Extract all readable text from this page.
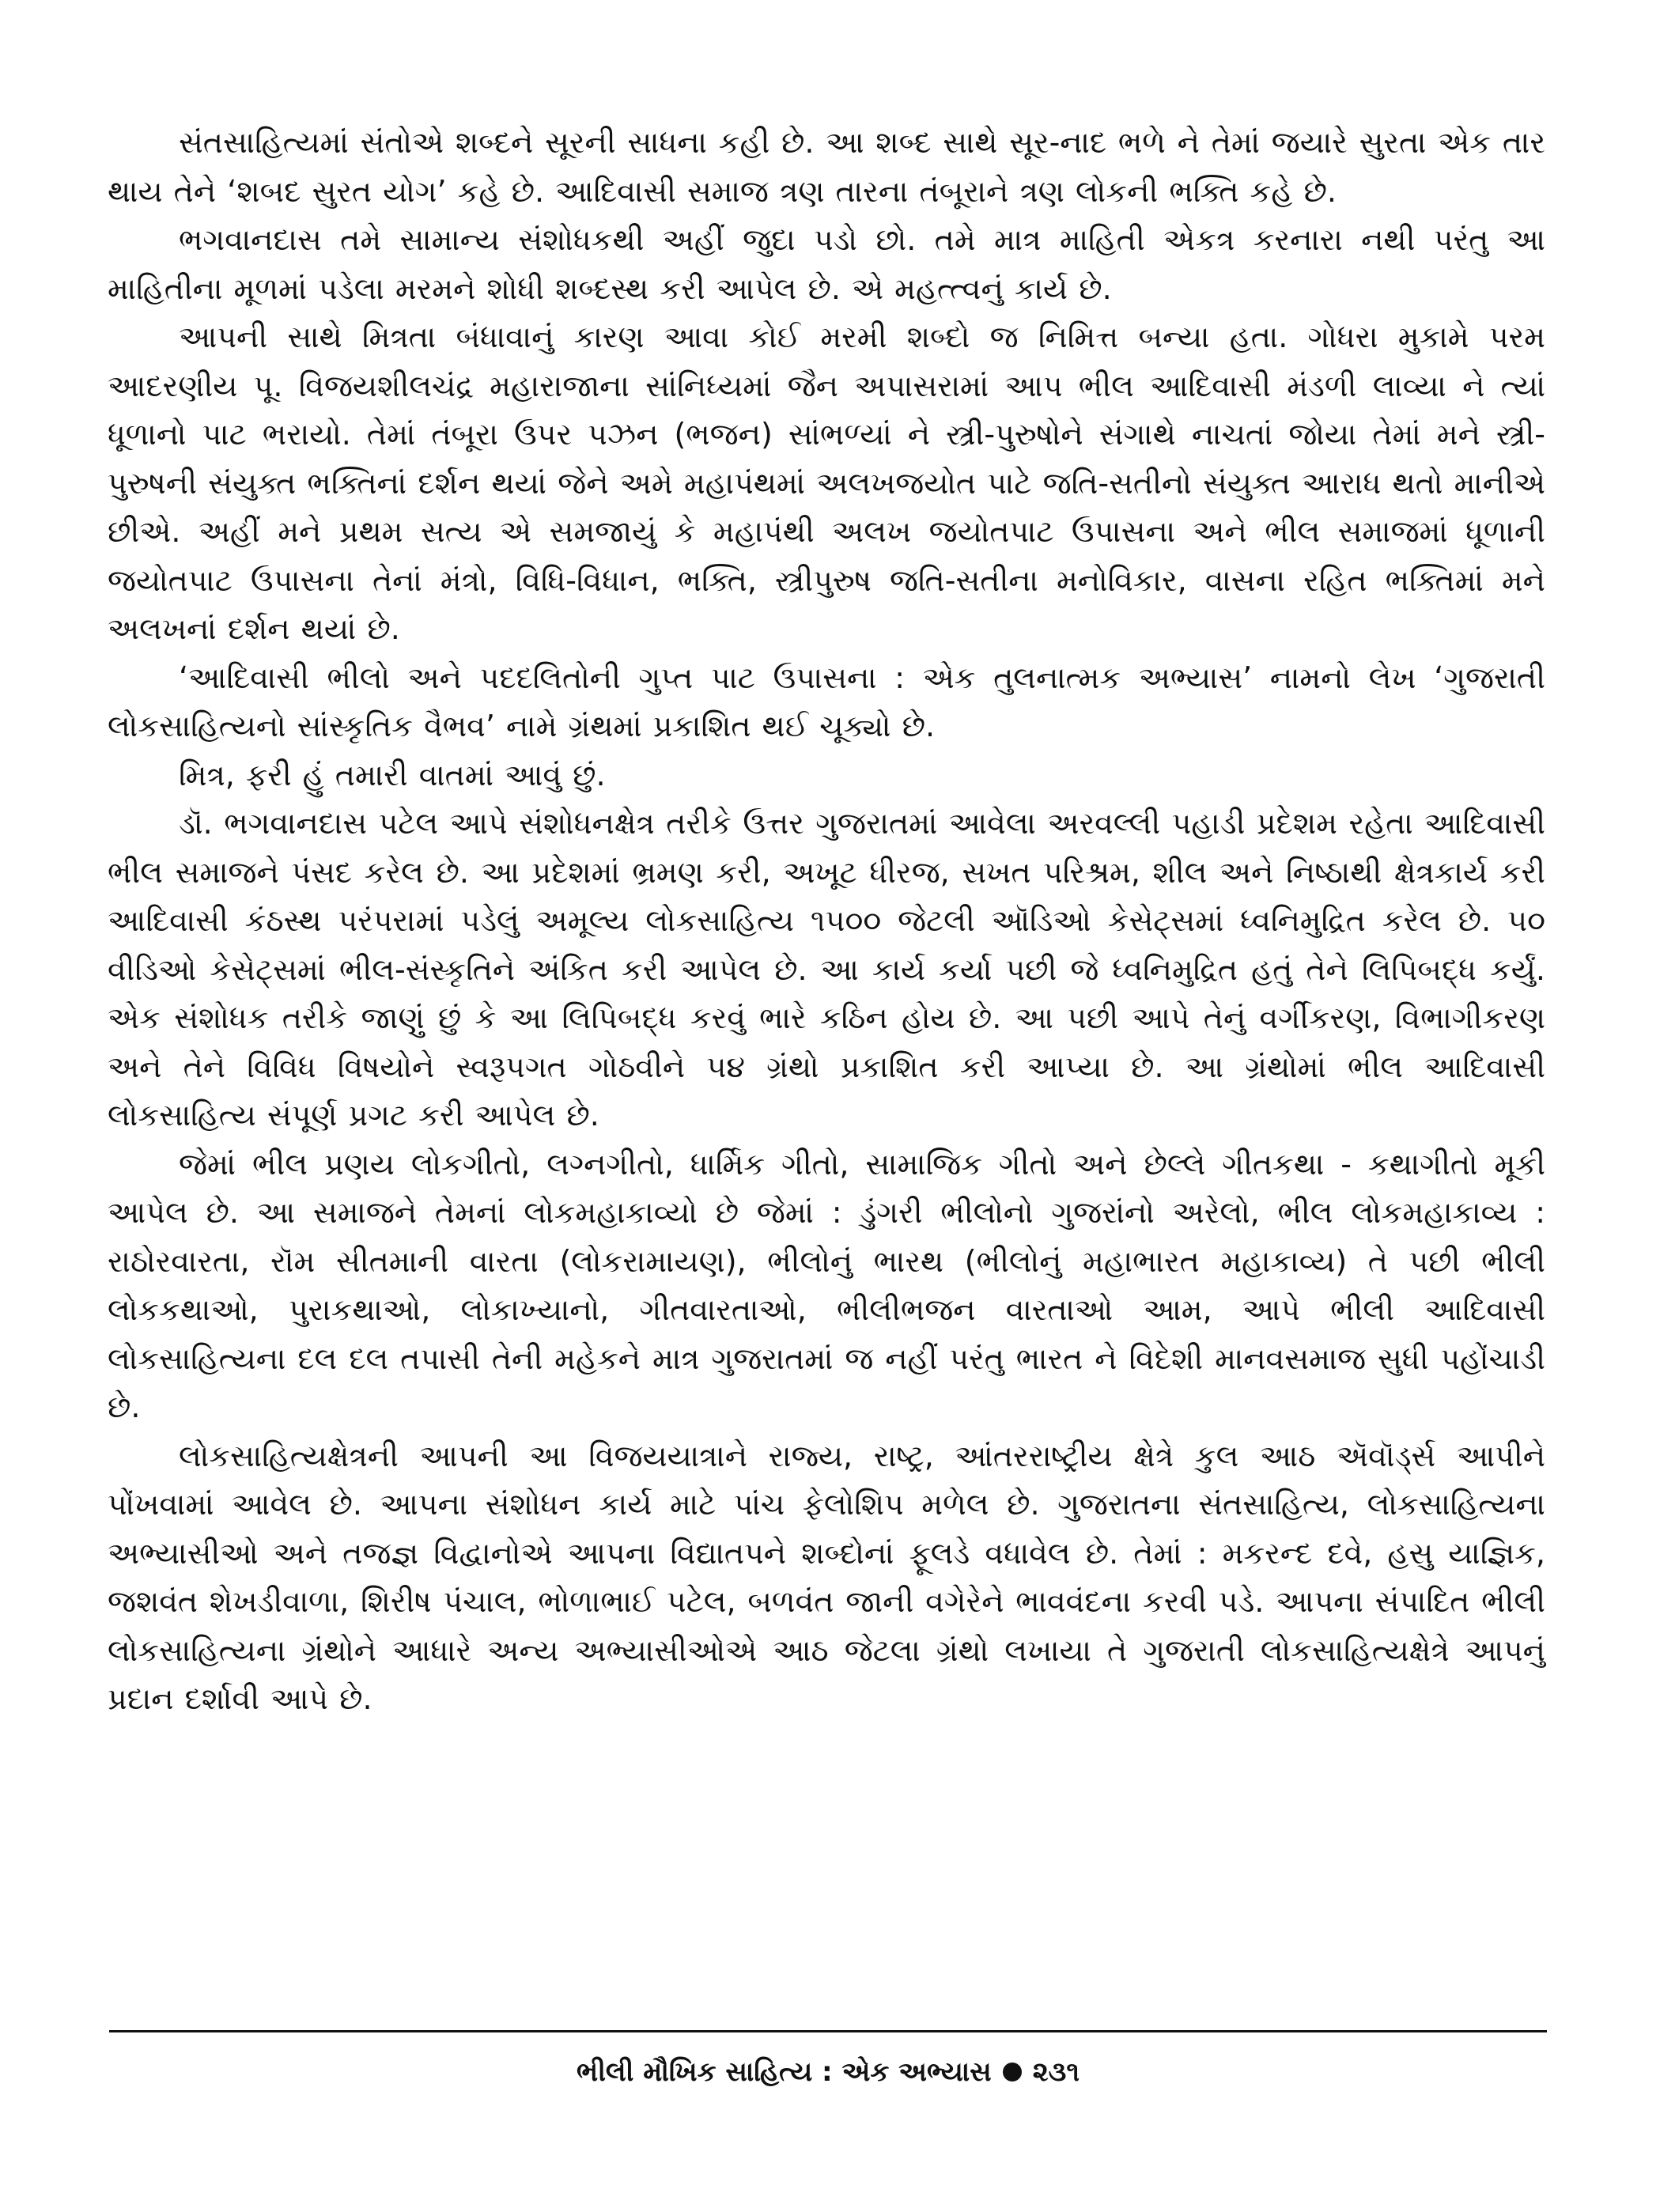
સંતસાહિત્યમાં સંતોએ શબ્દને સૂરની સાધના કહી છે. આ શબ્દ સાથે સૂર-નાદ ભળે ને તેમાં જયારે સુરતા એક તાર થાય તેને ‘શબદ સુરત યોગ’ કહે છે. આદિવાસી સમાજ ત્રણ તારના તંબૂરાને ત્રણ લોકની ભક્તિ કહે છે.

ભગવાનદાસ તમે સામાન્ય સંશોધકથી અહીં જુદા પડો છો. તમે માત્ર માહિતી એકત્ર કરનારા નથી પરંતુ આ માહિતીના મૂળમાં પડેલા મરમને શોધી શબ્દસ્થ કરી આપેલ છે. એ મહત્ત્વનું કાર્ય છે.

આપની સાથે મિત્રતા બંધાવાનું કારણ આવા કોઈ મરમી શબ્દો જ નિમિત્ત બન્યા હતા. ગોધરા મુકામે પરમ આદરણીય પૂ. વિજયશીલચંદ્ર મહારાજાના સાંનિધ્યમાં જૈન અપાસરામાં આપ ભીલ આદિવાસી મંડળી લાવ્યા ને ત્યાં ધૂળાનો પાટ ભરાયો. તેમાં તંબૂરા ઉપર પઝન (ભજન) સાંભળ્યાં ને સ્ત્રી-પુરુષોને સંગાથે નાચતાં જોયા તેમાં મને સ્ત્રી-પુરુષની સંયુક્ત ભક્તિનાં દર્શન થયાં જેને અમે મહાપંથમાં અલખજયોત પાટે જતિ-સતીનો સંયુક્ત આરાધ થતો માનીએ છીએ. અહીં મને પ્રથમ સત્ય એ સમજાયું કે મહાપંથી અલખ જયોતપાટ ઉપાસના અને ભીલ સમાજમાં ધૂળાની જયોતપાટ ઉપાસના તેનાં મંત્રો, વિધિ-વિધાન, ભક્તિ, સ્ત્રીપુરુષ જતિ-સતીના મનોવિકાર, વાસના રહિત ભક્તિમાં મને અલખનાં દર્શન થયાં છે.

‘આદિવાસી ભીલો અને પદદલિતોની ગુપ્ત પાટ ઉપાસના : એક તુલનાત્મક અભ્યાસ’ નામનો લેખ ‘ગુજરાતી લોકસાહિત્યનો સાંસ્કૃતિક વૈભવ’ નામે ગ્રંથમાં પ્રકાશિત થઈ ચૂક્યો છે.

મિત્ર, ફરી હું તમારી વાતમાં આવું છું.

ડૉ. ભગવાનદાસ પટેલ આપે સંશોધનક્ષેત્ર તરીકે ઉત્તર ગુજરાતમાં આવેલા અરવલ્લી પહાડી પ્રદેશમ રહેતા આદિવાસી ભીલ સમાજને પંસદ કરેલ છે. આ પ્રદેશમાં ભ્રમણ કરી, અખૂટ ધીરજ, સખત પરિશ્રમ, શીલ અને નિષ્ઠાથી ક્ષેત્રકાર્ય કરી આદિવાસી કંઠસ્થ પરંપરામાં પડેલું અમૂલ્ય લોકસાહિત્ય ૧૫૦૦ જેટલી ઑડિઓ કેસેટ્સમાં ધ્વનિમુદ્રિત કરેલ છે. ૫૦ વીડિઓ કેસેટ્સમાં ભીલ-સંસ્કૃતિને અંકિત કરી આપેલ છે. આ કાર્ય કર્યા પછી જે ધ્વનિમુદ્રિત હતું તેને લિપિબદ્ધ કર્યું. એક સંશોધક તરીકે જાણું છું કે આ લિપિબદ્ધ કરવું ભારે કઠિન હોય છે. આ પછી આપે તેનું વર્ગીકરણ, વિભાગીકરણ અને તેને વિવિધ વિષયોને સ્વરૂપગત ગોઠવીને ૫૪ ગ્રંથો પ્રકાશિત કરી આપ્યા છે. આ ગ્રંથોમાં ભીલ આદિવાસી લોકસાહિત્ય સંપૂર્ણ પ્રગટ કરી આપેલ છે.

જેમાં ભીલ પ્રણય લોકગીતો, લગ્નગીતો, ધાર્મિક ગીતો, સામાજિક ગીતો અને છેલ્લે ગીતકથા - કથાગીતો મૂકી આપેલ છે. આ સમાજને તેમનાં લોકમહાકાવ્યો છે જેમાં : ડુંગરી ભીલોનો ગુજરાંનો અરેલો, ભીલ લોકમહાકાવ્ય : રાઠોરવારતા, રૉમ સીતમાની વારતા (લોકરામાયણ), ભીલોનું ભારથ (ભીલોનું મહાભારત મહાકાવ્ય) તે પછી ભીલી લોકકથાઓ, પુરાકથાઓ, લોકાખ્યાનો, ગીતવારતાઓ, ભીલીભજન વારતાઓ આમ, આપે ભીલી આદિવાસી લોકસાહિત્યના દલ દલ તપાસી તેની મહેકને માત્ર ગુજરાતમાં જ નહીં પરંતુ ભારત ને વિદેશી માનવસમાજ સુધી પહોંચાડી છે.

લોકસાહિત્યક્ષેત્રની આપની આ વિજયયાત્રાને રાજ્ય, રાષ્ટ્ર, આંતરરાષ્ટ્રીય ક્ષેત્રે કુલ આઠ ઍવૉર્ડ્સ આપીને પોંખવામાં આવેલ છે. આપના સંશોધન કાર્ય માટે પાંચ ફેલોશિપ મળેલ છે. ગુજરાતના સંતસાહિત્ય, લોકસાહિત્યના અભ્યાસીઓ અને તજજ્ઞ વિદ્વાનોએ આપના વિદ્યાતપને શબ્દોનાં ફૂલડે વધાવેલ છે. તેમાં : મકરન્દ દવે, હસુ યાજ્ઞિક, જશવંત શેખડીવાળા, શિરીષ પંચાલ, ભોળાભાઈ પટેલ, બળવંત જાની વગેરેને ભાવવંદના કરવી પડે. આપના સંપાદિત ભીલી લોકસાહિત્યના ગ્રંથોને આધારે અન્ય અભ્યાસીઓએ આઠ જેટલા ગ્રંથો લખાયા તે ગુજરાતી લોકસાહિત્યક્ષેત્રે આપનું પ્રદાન દર્શાવી આપે છે.

ભીલી મૌખિક સાહિત્ય : એક અભ્યાસ ૨૩૧
